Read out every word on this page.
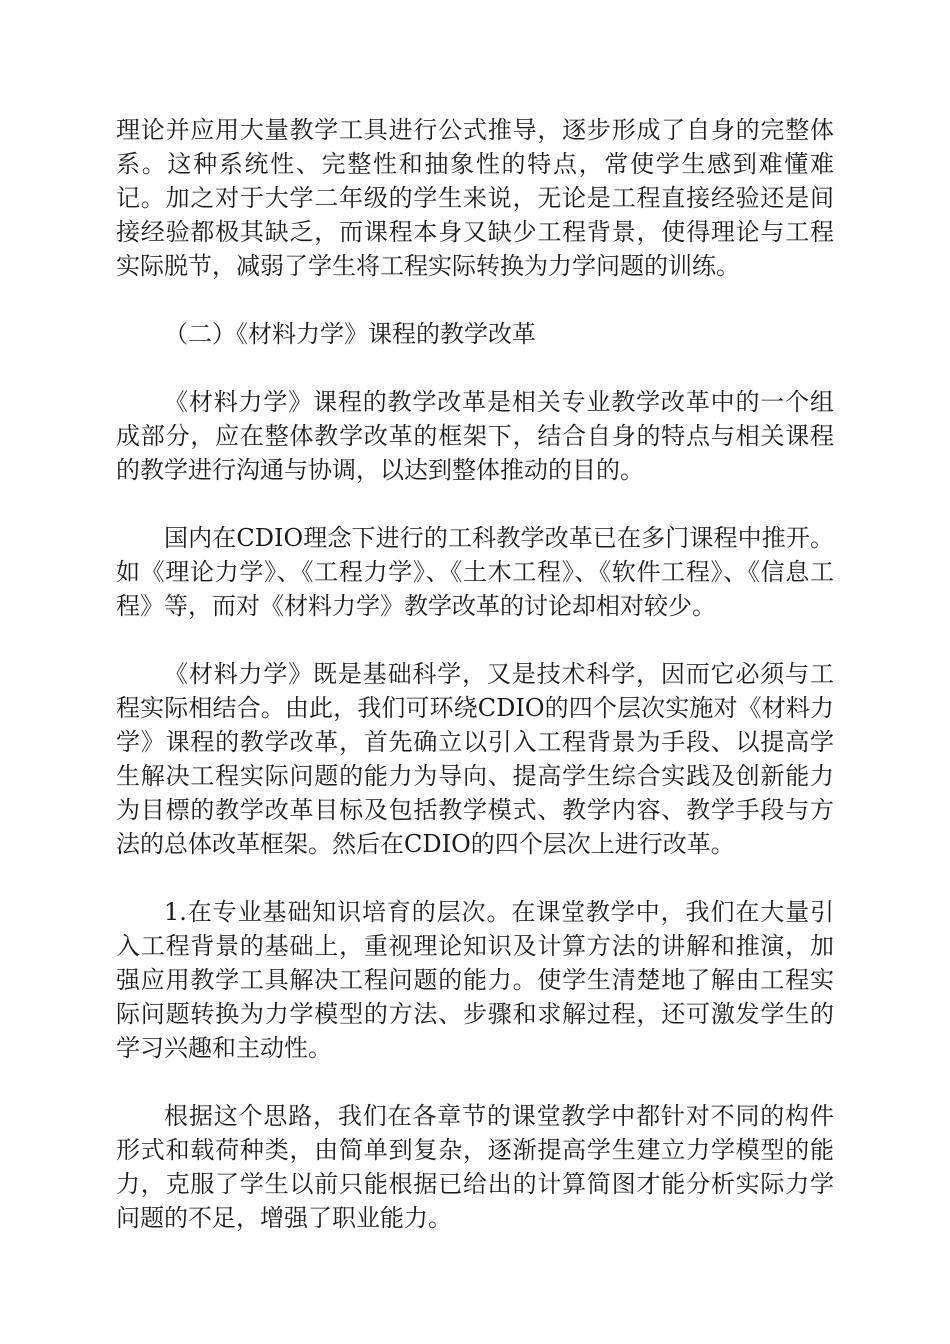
理论并应用大量教学工具进行公式推导，逐步形成了自身的完整体系。这种系统性、完整性和抽象性的特点，常使学生感到难懂难记。加之对于大学二年级的学生来说，无论是工程直接经验还是间接经验都极其缺乏，而课程本身又缺少工程背景，使得理论与工程实际脱节，减弱了学生将工程实际转换为力学问题的训练。

（二）《材料力学》课程的教学改革

《材料力学》课程的教学改革是相关专业教学改革中的一个组成部分，应在整体教学改革的框架下，结合自身的特点与相关课程的教学进行沟通与协调，以达到整体推动的目的。

国内在CDIO理念下进行的工科教学改革已在多门课程中推开。如《理论力学》、《工程力学》、《土木工程》、《软件工程》、《信息工程》等，而对《材料力学》教学改革的讨论却相对较少。

《材料力学》既是基础科学，又是技术科学，因而它必须与工程实际相结合。由此，我们可环绕CDIO的四个层次实施对《材料力学》课程的教学改革，首先确立以引入工程背景为手段、以提高学生解决工程实际问题的能力为导向、提高学生综合实践及创新能力为目標的教学改革目标及包括教学模式、教学内容、教学手段与方法的总体改革框架。然后在CDIO的四个层次上进行改革。

1.在专业基础知识培育的层次。在课堂教学中，我们在大量引入工程背景的基础上，重视理论知识及计算方法的讲解和推演，加强应用教学工具解决工程问题的能力。使学生清楚地了解由工程实际问题转换为力学模型的方法、步骤和求解过程，还可激发学生的学习兴趣和主动性。

根据这个思路，我们在各章节的课堂教学中都针对不同的构件形式和载荷种类，由简单到复杂，逐渐提高学生建立力学模型的能力，克服了学生以前只能根据已给出的计算简图才能分析实际力学问题的不足，增强了职业能力。
